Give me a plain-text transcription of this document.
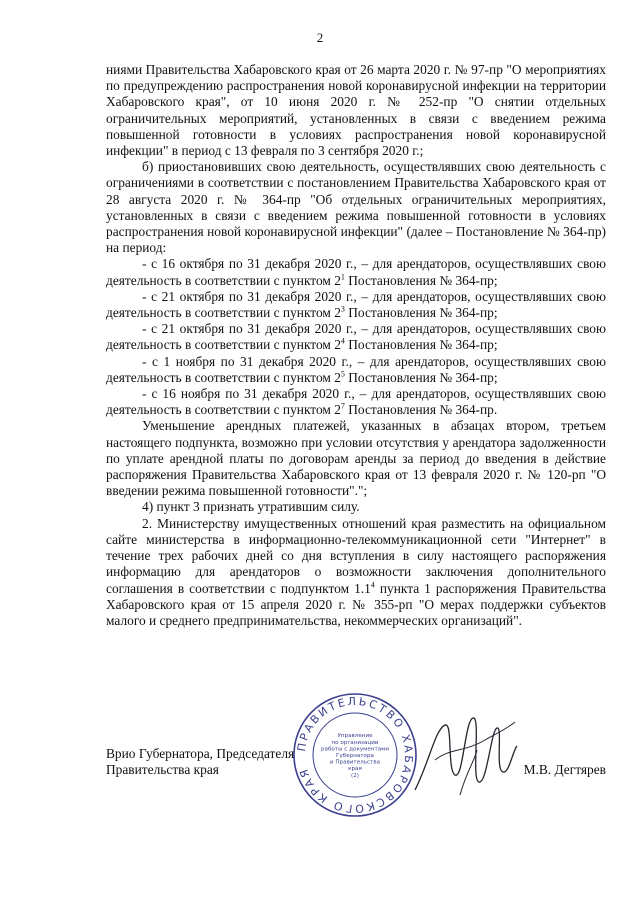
2

ниями Правительства Хабаровского края от 26 марта 2020 г. № 97-пр "О мероприятиях по предупреждению распространения новой коронавирусной инфекции на территории Хабаровского края", от 10 июня 2020 г. № 252-пр "О снятии отдельных ограничительных мероприятий, установленных в связи с введением режима повышенной готовности в условиях распространения новой коронавирусной инфекции" в период с 13 февраля по 3 сентября 2020 г.;

б) приостановивших свою деятельность, осуществлявших свою деятельность с ограничениями в соответствии с постановлением Правительства Хабаровского края от 28 августа 2020 г. № 364-пр "Об отдельных ограничительных мероприятиях, установленных в связи с введением режима повышенной готовности в условиях распространения новой коронавирусной инфекции" (далее – Постановление № 364-пр) на период:

- с 16 октября по 31 декабря 2020 г., – для арендаторов, осуществлявших свою деятельность в соответствии с пунктом $2^1$ Постановления № 364-пр;

- с 21 октября по 31 декабря 2020 г., – для арендаторов, осуществлявших свою деятельность в соответствии с пунктом $2^3$ Постановления № 364-пр;

- с 21 октября по 31 декабря 2020 г., – для арендаторов, осуществлявших свою деятельность в соответствии с пунктом $2^4$ Постановления № 364-пр;

- с 1 ноября по 31 декабря 2020 г., – для арендаторов, осуществлявших свою деятельность в соответствии с пунктом $2^5$ Постановления № 364-пр;

- с 16 ноября по 31 декабря 2020 г., – для арендаторов, осуществлявших свою деятельность в соответствии с пунктом $2^7$ Постановления № 364-пр.

Уменьшение арендных платежей, указанных в абзацах втором, третьем настоящего подпункта, возможно при условии отсутствия у арендатора задолженности по уплате арендной платы по договорам аренды за период до введения в действие распоряжения Правительства Хабаровского края от 13 февраля 2020 г. № 120-рп "О введении режима повышенной готовности".";

4) пункт 3 признать утратившим силу.

2. Министерству имущественных отношений края разместить на официальном сайте министерства в информационно-телекоммуникационной сети "Интернет" в течение трех рабочих дней со дня вступления в силу настоящего распоряжения информацию для арендаторов о возможности заключения дополнительного соглашения в соответствии с подпунктом $1.1^4$ пункта 1 распоряжения Правительства Хабаровского края от 15 апреля 2020 г. № 355-рп "О мерах поддержки субъектов малого и среднего предпринимательства, некоммерческих организаций".

Врио Губернатора, Председателя
Правительства края	М.В. Дегтярев
ПРАВИТЕЛЬСТВО ХАБАРОВСКОГО КРАЯ
Управление
по организации
работы с документами
Губернатора
и Правительства
края
(2)
